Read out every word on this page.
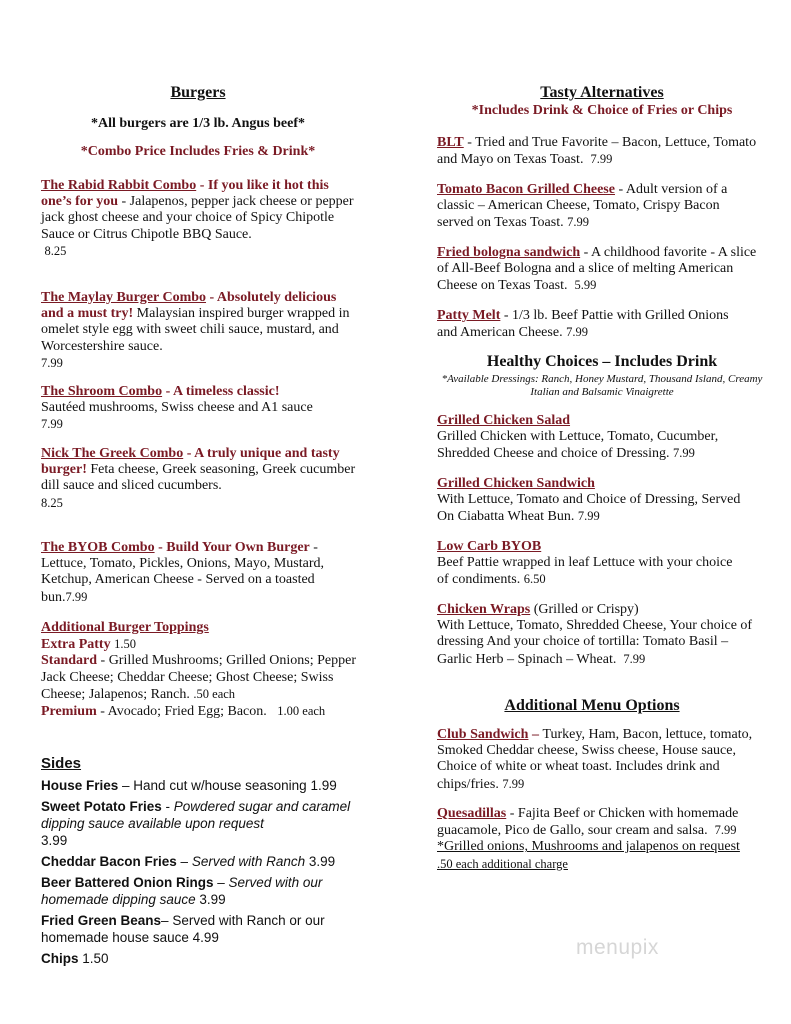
Burgers

*All burgers are 1/3 lb. Angus beef*

*Combo Price Includes Fries & Drink*

The Rabid Rabbit Combo - If you like it hot this one’s for you - Jalapenos, pepper jack cheese or pepper jack ghost cheese and your choice of Spicy Chipotle Sauce or Citrus Chipotle BBQ Sauce.
8.25
The Maylay Burger Combo - Absolutely delicious and a must try! Malaysian inspired burger wrapped in omelet style egg with sweet chili sauce, mustard, and Worcestershire sauce.
7.99
The Shroom Combo - A timeless classic!
Sautéed mushrooms, Swiss cheese and A1 sauce
7.99
Nick The Greek Combo - A truly unique and tasty burger! Feta cheese, Greek seasoning, Greek cucumber dill sauce and sliced cucumbers.
8.25
The BYOB Combo - Build Your Own Burger - Lettuce, Tomato, Pickles, Onions, Mayo, Mustard, Ketchup, American Cheese - Served on a toasted bun.7.99
Additional Burger Toppings
Extra Patty 1.50
Standard - Grilled Mushrooms; Grilled Onions; Pepper Jack Cheese; Cheddar Cheese; Ghost Cheese; Swiss Cheese; Jalapenos; Ranch. .50 each
Premium - Avocado; Fried Egg; Bacon. 1.00 each
Sides
House Fries – Hand cut w/house seasoning 1.99
Sweet Potato Fries - Powdered sugar and caramel dipping sauce available upon request
3.99
Cheddar Bacon Fries – Served with Ranch 3.99
Beer Battered Onion Rings – Served with our homemade dipping sauce 3.99
Fried Green Beans– Served with Ranch or our homemade house sauce 4.99
Chips 1.50

Tasty Alternatives

*Includes Drink & Choice of Fries or Chips

BLT - Tried and True Favorite – Bacon, Lettuce, Tomato and Mayo on Texas Toast. 7.99
Tomato Bacon Grilled Cheese - Adult version of a classic – American Cheese, Tomato, Crispy Bacon served on Texas Toast. 7.99
Fried bologna sandwich - A childhood favorite - A slice of All-Beef Bologna and a slice of melting American Cheese on Texas Toast. 5.99
Patty Melt - 1/3 lb. Beef Pattie with Grilled Onions and American Cheese. 7.99

Healthy Choices – Includes Drink

*Available Dressings: Ranch, Honey Mustard, Thousand Island, Creamy Italian and Balsamic Vinaigrette

Grilled Chicken Salad
Grilled Chicken with Lettuce, Tomato, Cucumber, Shredded Cheese and choice of Dressing. 7.99
Grilled Chicken Sandwich
With Lettuce, Tomato and Choice of Dressing, Served On Ciabatta Wheat Bun. 7.99
Low Carb BYOB
Beef Pattie wrapped in leaf Lettuce with your choice of condiments. 6.50
Chicken Wraps (Grilled or Crispy)
With Lettuce, Tomato, Shredded Cheese, Your choice of dressing And your choice of tortilla: Tomato Basil – Garlic Herb – Spinach – Wheat. 7.99

Additional Menu Options

Club Sandwich – Turkey, Ham, Bacon, lettuce, tomato, Smoked Cheddar cheese, Swiss cheese, House sauce, Choice of white or wheat toast. Includes drink and chips/fries. 7.99
Quesadillas - Fajita Beef or Chicken with homemade guacamole, Pico de Gallo, sour cream and salsa. 7.99 *Grilled onions, Mushrooms and jalapenos on request .50 each additional charge
menupix
